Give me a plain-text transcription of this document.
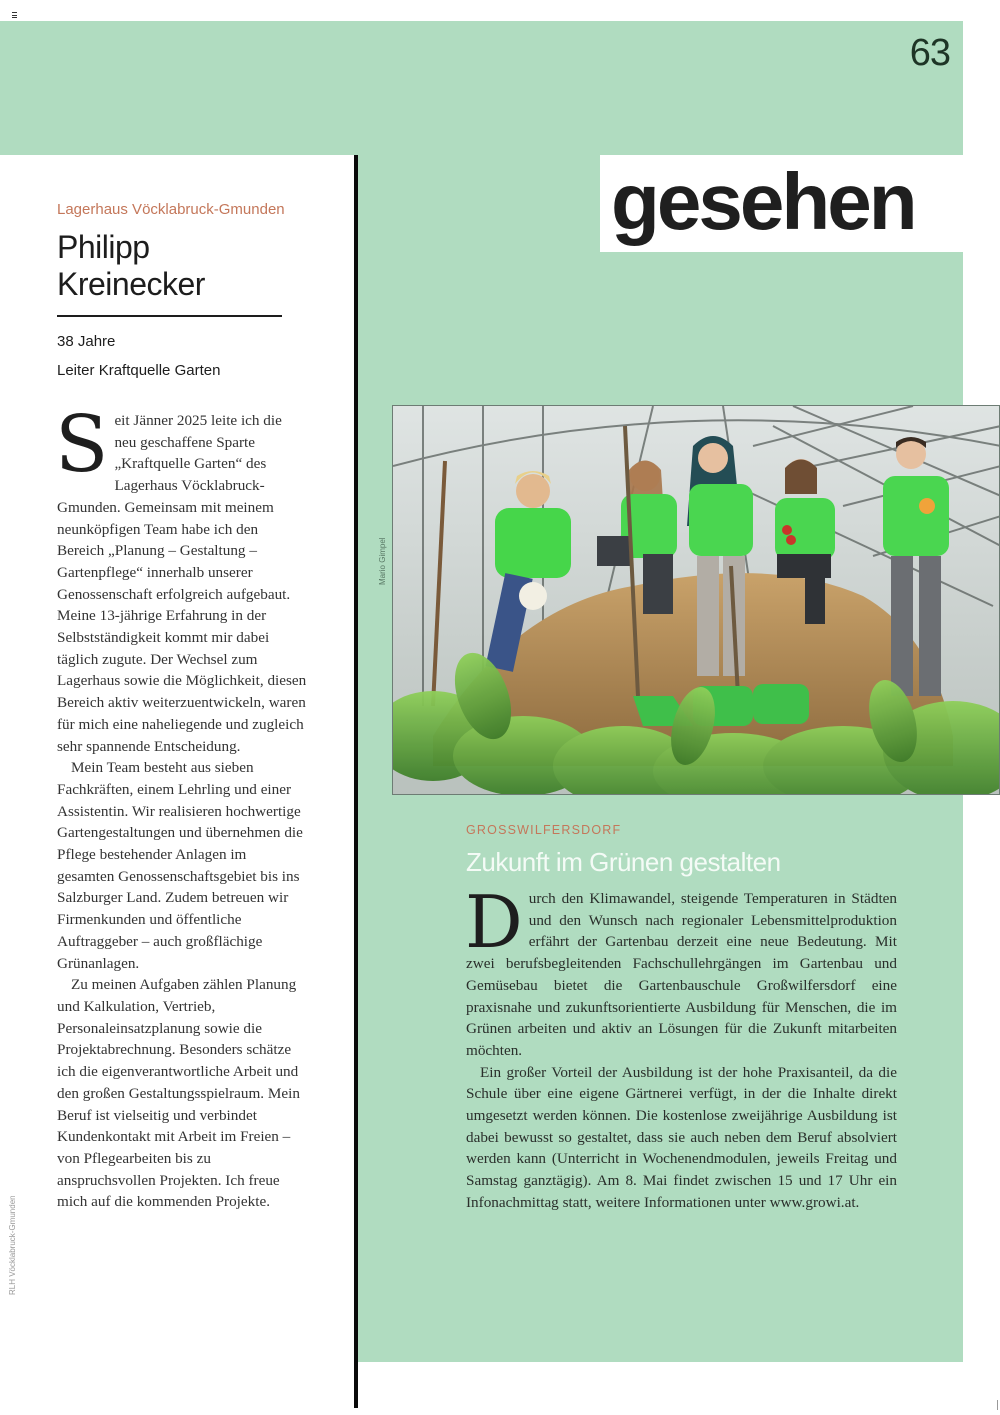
63
gesehen
Lagerhaus Vöcklabruck-Gmunden
Philipp
Kreinecker
38 Jahre
Leiter Kraftquelle Garten

Seit Jänner 2025 leite ich die neu geschaffene Sparte „Kraftquelle Garten“ des Lagerhaus Vöcklabruck-Gmunden. Gemeinsam mit meinem neunköpfigen Team habe ich den Bereich „Planung – Gestaltung – Gartenpflege“ innerhalb unserer Genossenschaft erfolgreich aufgebaut. Meine 13-jährige Erfahrung in der Selbstständigkeit kommt mir dabei täglich zugute. Der Wechsel zum Lagerhaus sowie die Möglichkeit, diesen Bereich aktiv weiterzuentwickeln, waren für mich eine naheliegende und zugleich sehr spannende Entscheidung.

Mein Team besteht aus sieben Fachkräften, einem Lehrling und einer Assistentin. Wir realisieren hochwertige Gartengestaltungen und übernehmen die Pflege bestehender Anlagen im gesamten Genossenschaftsgebiet bis ins Salzburger Land. Zudem betreuen wir Firmenkunden und öffentliche Auftraggeber – auch großflächige Grünanlagen.

Zu meinen Aufgaben zählen Planung und Kalkulation, Vertrieb, Personaleinsatzplanung sowie die Projektabrechnung. Besonders schätze ich die eigenverantwortliche Arbeit und den großen Gestaltungsspielraum. Mein Beruf ist vielseitig und verbindet Kundenkontakt mit Arbeit im Freien – von Pflegearbeiten bis zu anspruchsvollen Projekten. Ich freue mich auf die kommenden Projekte.

RLH Vöcklabruck-Gmunden
Mario Gimpel
GROSSWILFERSDORF
Zukunft im Grünen gestalten

Durch den Klimawandel, steigende Temperaturen in Städten und den Wunsch nach regionaler Lebensmittelproduktion erfährt der Gartenbau derzeit eine neue Bedeutung. Mit zwei berufsbegleitenden Fachschullehrgängen im Gartenbau und Gemüsebau bietet die Gartenbauschule Großwilfersdorf eine praxisnahe und zukunftsorientierte Ausbildung für Menschen, die im Grünen arbeiten und aktiv an Lösungen für die Zukunft mitarbeiten möchten.

Ein großer Vorteil der Ausbildung ist der hohe Praxisanteil, da die Schule über eine eigene Gärtnerei verfügt, in der die Inhalte direkt umgesetzt werden können. Die kostenlose zweijährige Ausbildung ist dabei bewusst so gestaltet, dass sie auch neben dem Beruf absolviert werden kann (Unterricht in Wochenendmodulen, jeweils Freitag und Samstag ganztägig). Am 8. Mai findet zwischen 15 und 17 Uhr ein Infonachmittag statt, weitere Informationen unter www.growi.at.
